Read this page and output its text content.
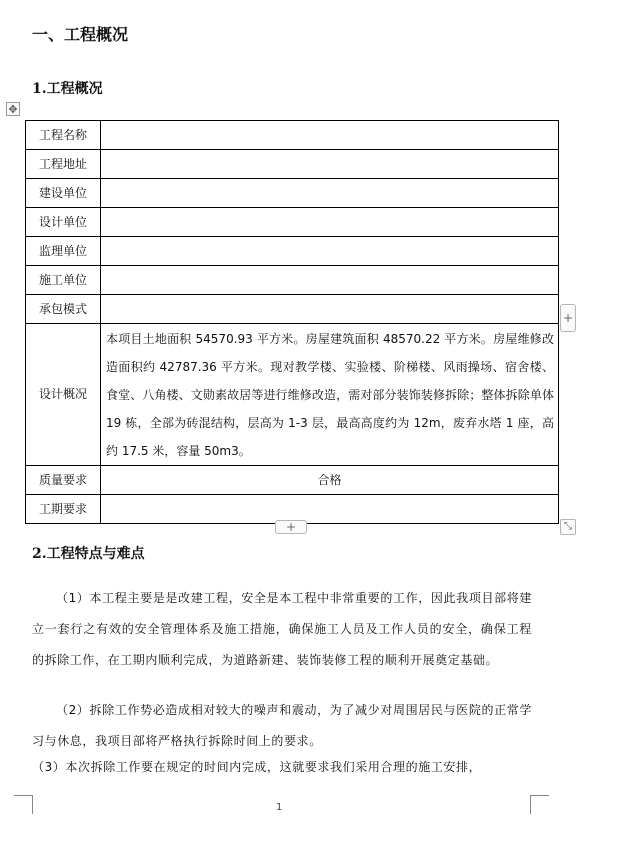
一、工程概况
1.工程概况
✥
工程名称	
工程地址	
建设单位	
设计单位	
监理单位	
施工单位	
承包模式	
设计概况	本项目土地面积 54570.93 平方米。房屋建筑面积 48570.22 平方米。房屋维修改造面积约 42787.36 平方米。现对教学楼、实验楼、阶梯楼、风雨操场、宿舍楼、食堂、八角楼、文勋素故居等进行维修改造，需对部分装饰装修拆除；整体拆除单体 19 栋，全部为砖混结构，层高为 1-3 层，最高高度约为 12m，废弃水塔 1 座，高约 17.5 米，容量 50m3。
质量要求	合格
工期要求	
+
+	⤡
2.工程特点与难点
（1）本工程主要是是改建工程，安全是本工程中非常重要的工作，因此我项目部将建立一套行之有效的安全管理体系及施工措施，确保施工人员及工作人员的安全，确保工程的拆除工作，在工期内顺利完成，为道路新建、装饰装修工程的顺利开展奠定基础。
（2）拆除工作势必造成相对较大的噪声和震动，为了减少对周围居民与医院的正常学习与休息，我项目部将严格执行拆除时间上的要求。
（3）本次拆除工作要在规定的时间内完成，这就要求我们采用合理的施工安排，
1
